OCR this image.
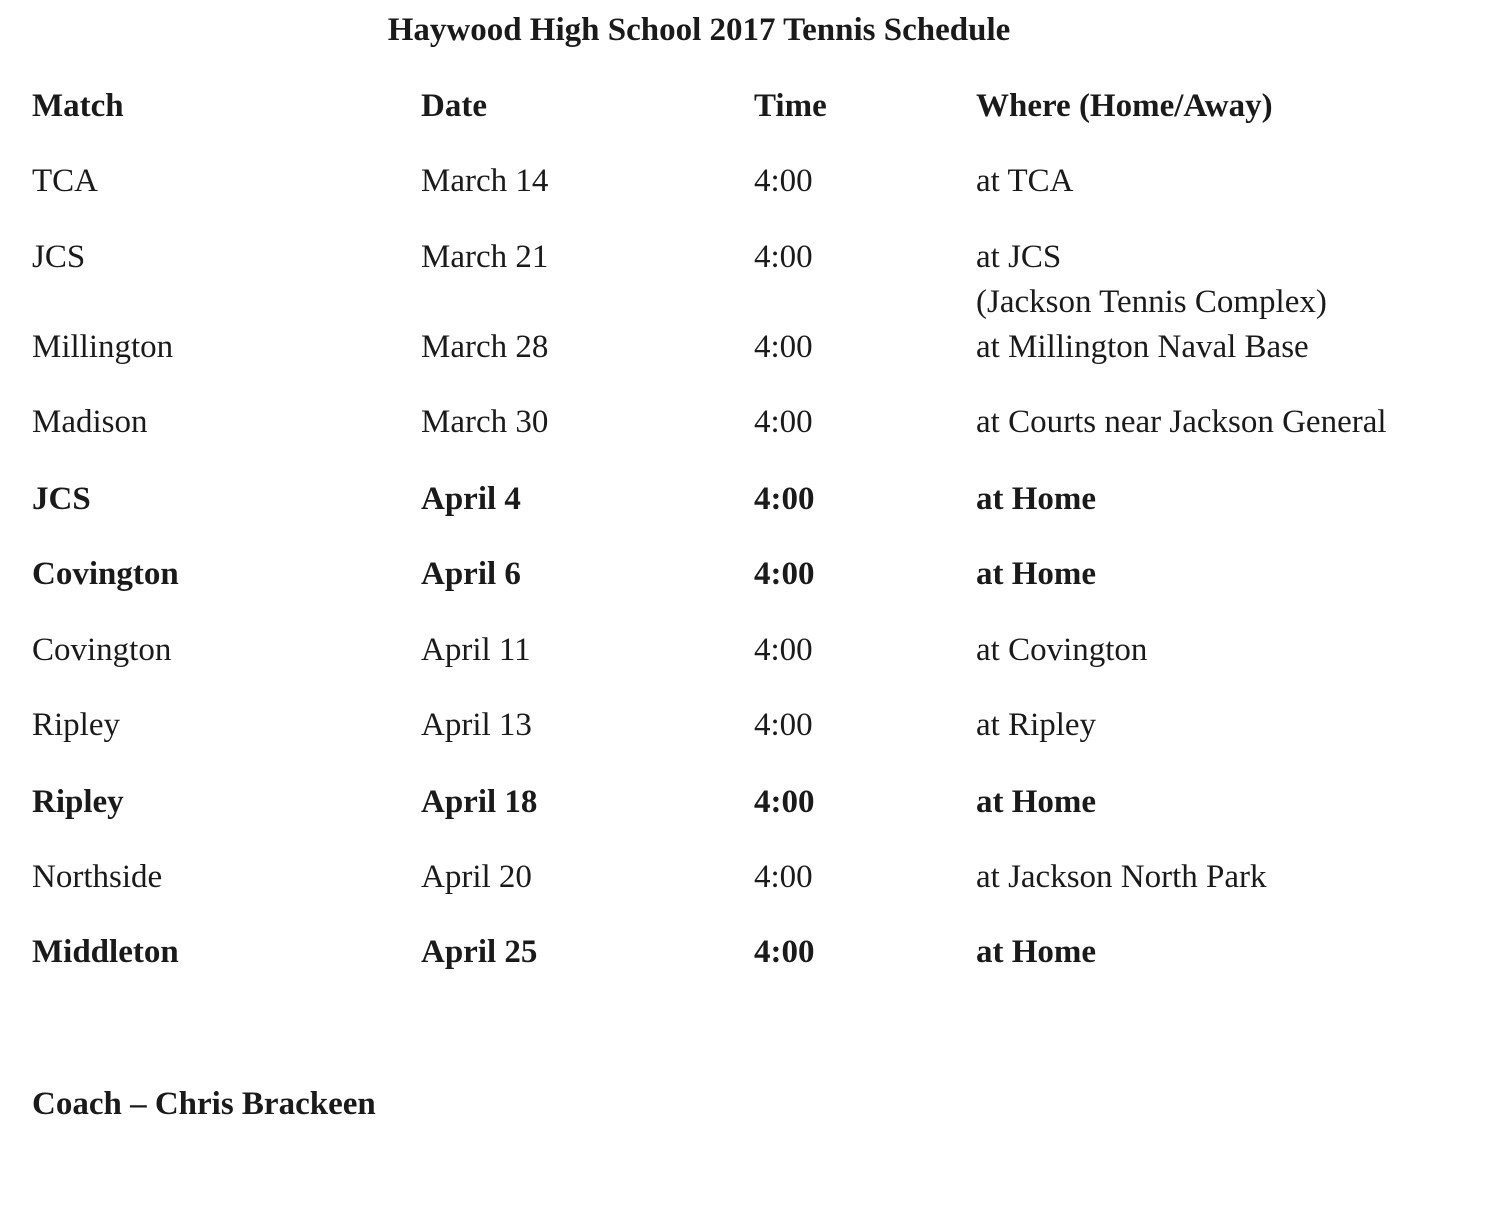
Haywood High School 2017 Tennis Schedule
Match	Date	Time	Where (Home/Away)
TCA	March 14	4:00	at TCA
JCS	March 21	4:00	at JCS
(Jackson Tennis Complex)
Millington	March 28	4:00	at Millington Naval Base
Madison	March 30	4:00	at Courts near Jackson General
JCS	April 4	4:00	at Home
Covington	April 6	4:00	at Home
Covington	April 11	4:00	at Covington
Ripley	April 13	4:00	at Ripley
Ripley	April 18	4:00	at Home
Northside	April 20	4:00	at Jackson North Park
Middleton	April 25	4:00	at Home
Coach – Chris Brackeen
